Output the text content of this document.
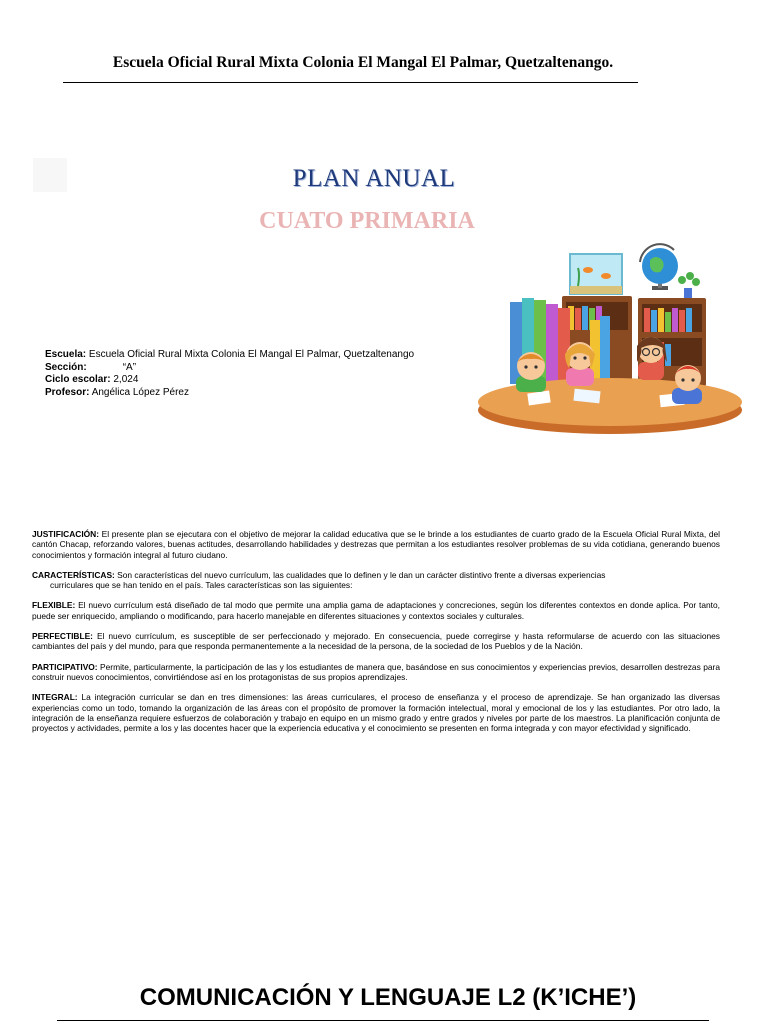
Escuela Oficial Rural Mixta Colonia El Mangal El Palmar, Quetzaltenango.
PLAN ANUAL
CUATO PRIMARIA
Escuela: Escuela Oficial Rural Mixta Colonia El Mangal El Palmar, Quetzaltenango
Sección:	“A”
Ciclo escolar: 2,024
Profesor: Angélica López Pérez

JUSTIFICACIÓN: El presente plan se ejecutara con el objetivo de mejorar la calidad educativa que se le brinde a los estudiantes de cuarto grado de la Escuela Oficial Rural Mixta, del cantón Chacap, reforzando valores, buenas actitudes, desarrollando habilidades y destrezas que permitan a los estudiantes resolver problemas de su vida cotidiana, generando buenos conocimientos y formación integral al futuro ciudano.

CARACTERÍSTICAS: Son características del nuevo currículum, las cualidades que lo definen y le dan un carácter distintivo frente a diversas experiencias
curriculares que se han tenido en el país. Tales características son las siguientes:

FLEXIBLE: El nuevo currículum está diseñado de tal modo que permite una amplia gama de adaptaciones y concreciones, según los diferentes contextos en donde aplica. Por tanto, puede ser enriquecido, ampliando o modificando, para hacerlo manejable en diferentes situaciones y contextos sociales y culturales.

PERFECTIBLE: El nuevo currículum, es susceptible de ser perfeccionado y mejorado. En consecuencia, puede corregirse y hasta reformularse de acuerdo con las situaciones cambiantes del país y del mundo, para que responda permanentemente a la necesidad de la persona, de la sociedad de los Pueblos y de la Nación.

PARTICIPATIVO: Permite, particularmente, la participación de las y los estudiantes de manera que, basándose en sus conocimientos y experiencias previos, desarrollen destrezas para construir nuevos conocimientos, convirtiéndose así en los protagonistas de sus propios aprendizajes.

INTEGRAL: La integración curricular se dan en tres dimensiones: las áreas curriculares, el proceso de enseñanza y el proceso de aprendizaje. Se han organizado las diversas experiencias como un todo, tomando la organización de las áreas con el propósito de promover la formación intelectual, moral y emocional de los y las estudiantes. Por otro lado, la integración de la enseñanza requiere esfuerzos de colaboración y trabajo en equipo en un mismo grado y entre grados y niveles por parte de los maestros. La planificación conjunta de proyectos y actividades, permite a los y las docentes hacer que la experiencia educativa y el conocimiento se presenten en forma integrada y con mayor efectividad y significado.

COMUNICACIÓN Y LENGUAJE L2 (K’ICHE’)
